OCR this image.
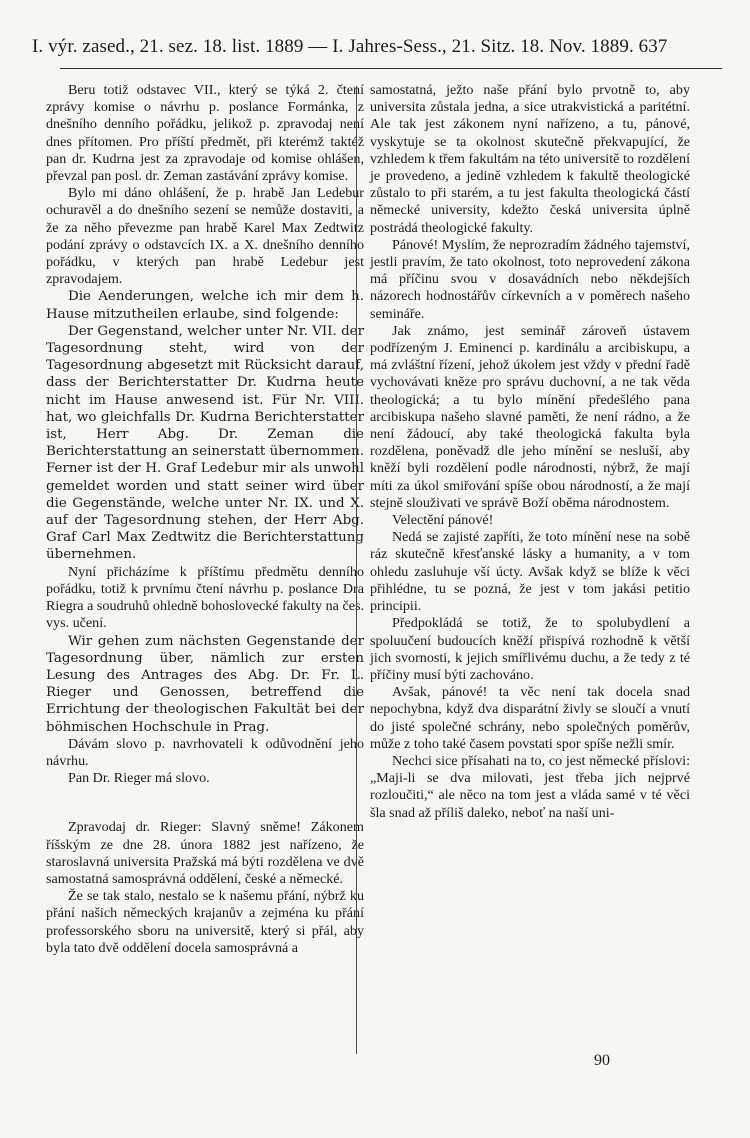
I. výr. zased., 21. sez. 18. list. 1889 — I. Jahres-Sess., 21. Sitz. 18. Nov. 1889. 637

Beru totiž odstavec VII., který se týká 2. čtení zprávy komise o návrhu p. poslance Formánka, z dnešního denního pořádku, jelikož p. zpravodaj není dnes přítomen. Pro příští předmět, při kterémž taktéž pan dr. Kudrna jest za zpravodaje od komise ohlášen, převzal pan posl. dr. Zeman zastávání zprávy komise.

Bylo mi dáno ohlášení, že p. hrabě Jan Ledebur ochuravěl a do dnešního sezení se nemůže dostaviti, a že za něho převezme pan hrabě Karel Max Zedtwitz podání zprávy o odstavcích IX. a X. dnešního denního pořádku, v kterých pan hrabě Ledebur jest zpravodajem.

Die Aenderungen, welche ich mir dem h. Hause mitzutheilen erlaube, sind folgende:

Der Gegenstand, welcher unter Nr. VII. der Tagesordnung steht, wird von der Tagesordnung abgesetzt mit Rücksicht darauf, dass der Berichterstatter Dr. Kudrna heute nicht im Hause anwesend ist. Für Nr. VIII. hat, wo gleichfalls Dr. Kudrna Berichterstatter ist, Herr Abg. Dr. Zeman die Berichterstattung an seinerstatt übernommen. Ferner ist der H. Graf Ledebur mir als unwohl gemeldet worden und statt seiner wird über die Gegenstände, welche unter Nr. IX. und X. auf der Tagesordnung stehen, der Herr Abg. Graf Carl Max Zedtwitz die Berichterstattung übernehmen.

Nyní přicházíme k příštímu předmětu denního pořádku, totiž k prvnímu čtení návrhu p. poslance Dra Riegra a soudruhů ohledně bohoslovecké fakulty na čes. vys. učení.

Wir gehen zum nächsten Gegenstande der Tagesordnung über, nämlich zur ersten Lesung des Antrages des Abg. Dr. Fr. L. Rieger und Genossen, betreffend die Errichtung der theologischen Fakultät bei der böhmischen Hochschule in Prag.

Dávám slovo p. navrhovateli k odůvodnění jeho návrhu.

Pan Dr. Rieger má slovo.

Zpravodaj dr. Rieger: Slavný sněme! Zákonem říšským ze dne 28. února 1882 jest nařízeno, že staroslavná universita Pražská má býti rozdělena ve dvě samostatná samosprávná oddělení, české a německé.

Že se tak stalo, nestalo se k našemu přání, nýbrž ku přání našich německých krajanův a zejména ku přání professorského sboru na universitě, který si přál, aby byla tato dvě oddělení docela samosprávná a

samostatná, ježto naše přání bylo prvotně to, aby universita zůstala jedna, a sice utrakvistická a paritétní. Ale tak jest zákonem nyní nařízeno, a tu, pánové, vyskytuje se ta okolnost skutečně překvapující, že vzhledem k třem fakultám na této universitě to rozdělení je provedeno, a jedině vzhledem k fakultě theologické zůstalo to při starém, a tu jest fakulta theologická částí německé university, kdežto česká universita úplně postrádá theologické fakulty.

Pánové! Myslím, že neprozradím žádného tajemství, jestli pravím, že tato okolnost, toto neprovedení zákona má příčinu svou v dosavádních nebo někdejších názorech hodnostářův církevních a v poměrech našeho semináře.

Jak známo, jest seminář zároveň ústavem podřízeným J. Eminenci p. kardinálu a arcibiskupu, a má zvláštní řízení, jehož úkolem jest vždy v přední řadě vychovávati kněze pro správu duchovní, a ne tak věda theologická; a tu bylo mínění předešlého pana arcibiskupa našeho slavné paměti, že není rádno, a že není žádoucí, aby také theologická fakulta byla rozdělena, poněvadž dle jeho mínění se nesluší, aby kněží byli rozdělení podle národnosti, nýbrž, že mají míti za úkol smiřování spíše obou národností, a že mají stejně slouživati ve správě Boží oběma národnostem.

Velectění pánové!

Nedá se zajisté zapříti, že toto mínění nese na sobě ráz skutečně křesťanské lásky a humanity, a v tom ohledu zasluhuje vší úcty. Avšak když se blíže k věci přihlédne, tu se pozná, že jest v tom jakási petitio principii.

Předpokládá se totiž, že to spolubydlení a spoluučení budoucích kněží přispívá rozhodně k větší jich svornosti, k jejich smířlivému duchu, a že tedy z té příčiny musí býti zachováno.

Avšak, pánové! ta věc není tak docela snad nepochybna, když dva disparátní živly se sloučí a vnutí do jisté společné schrány, nebo společných poměrův, může z toho také časem povstati spor spíše nežli smír.

Nechci sice přísahati na to, co jest německé příslovi: „Maji-li se dva milovati, jest třeba jich nejprvé rozloučiti,“ ale něco na tom jest a vláda samé v té věci šla snad až příliš daleko, neboť na naší uni-

90
